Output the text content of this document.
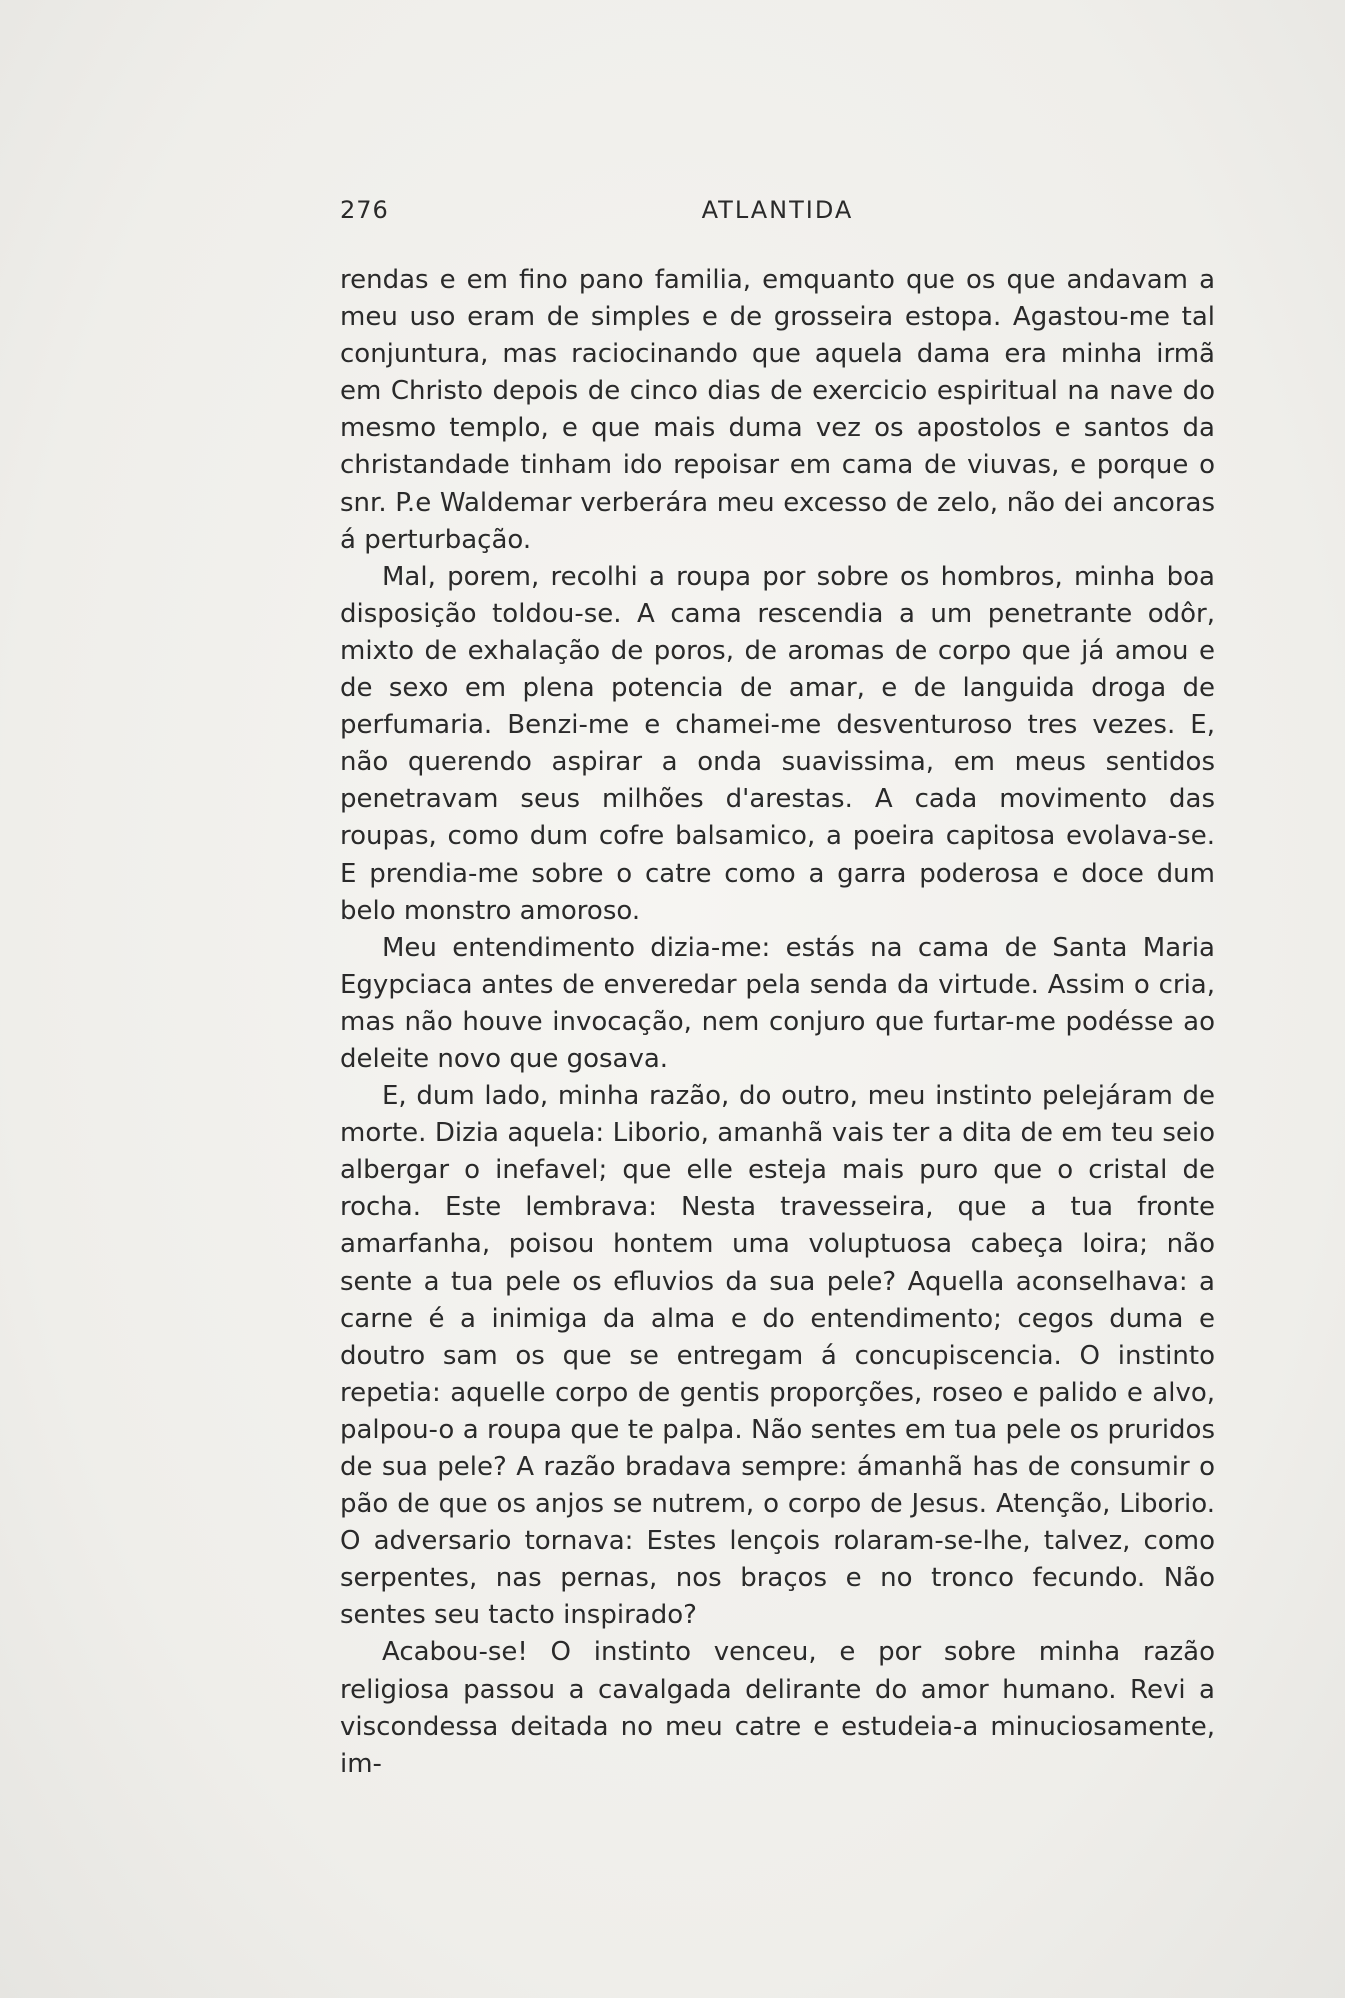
276	ATLANTIDA

rendas e em fino pano familia, emquanto que os que andavam a meu uso eram de simples e de grosseira estopa. Agastou-me tal conjuntura, mas raciocinando que aquela dama era minha irmã em Christo depois de cinco dias de exercicio espiritual na nave do mesmo templo, e que mais duma vez os apostolos e santos da christandade tinham ido repoisar em cama de viuvas, e porque o snr. P.e Waldemar verberára meu excesso de zelo, não dei ancoras á perturbação.

Mal, porem, recolhi a roupa por sobre os hombros, minha boa disposição toldou-se. A cama rescendia a um penetrante odôr, mixto de exhalação de poros, de aromas de corpo que já amou e de sexo em plena potencia de amar, e de languida droga de perfumaria. Benzi-me e chamei-me desventuroso tres vezes. E, não querendo aspirar a onda suavissima, em meus sentidos penetravam seus milhões d'arestas. A cada movimento das roupas, como dum cofre balsamico, a poeira capitosa evolava-se. E prendia-me sobre o catre como a garra poderosa e doce dum belo monstro amoroso.

Meu entendimento dizia-me: estás na cama de Santa Maria Egypciaca antes de enveredar pela senda da virtude. Assim o cria, mas não houve invocação, nem conjuro que furtar-me podésse ao deleite novo que gosava.

E, dum lado, minha razão, do outro, meu instinto pelejáram de morte. Dizia aquela: Liborio, amanhã vais ter a dita de em teu seio albergar o inefavel; que elle esteja mais puro que o cristal de rocha. Este lembrava: Nesta travesseira, que a tua fronte amarfanha, poisou hontem uma voluptuosa cabeça loira; não sente a tua pele os efluvios da sua pele? Aquella aconselhava: a carne é a inimiga da alma e do entendimento; cegos duma e doutro sam os que se entregam á concupiscencia. O instinto repetia: aquelle corpo de gentis proporções, roseo e palido e alvo, palpou-o a roupa que te palpa. Não sentes em tua pele os pruridos de sua pele? A razão bradava sempre: ámanhã has de consumir o pão de que os anjos se nutrem, o corpo de Jesus. Atenção, Liborio. O adversario tornava: Estes lençois rolaram-se-lhe, talvez, como serpentes, nas pernas, nos braços e no tronco fecundo. Não sentes seu tacto inspirado?

Acabou-se! O instinto venceu, e por sobre minha razão religiosa passou a cavalgada delirante do amor humano. Revi a viscondessa deitada no meu catre e estudeia-a minuciosamente, im-
